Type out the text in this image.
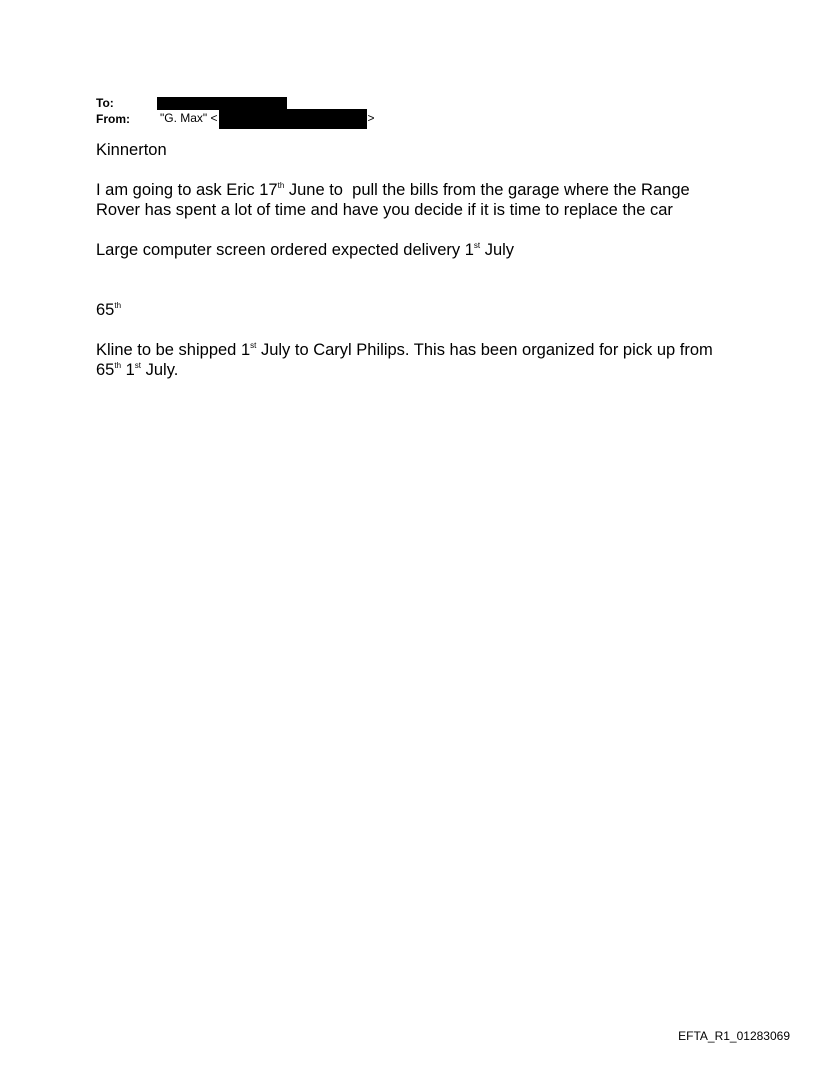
To:
From:	"G. Max" <	>

Kinnerton

I am going to ask Eric 17th June to  pull the bills from the garage where the Range Rover has spent a lot of time and have you decide if it is time to replace the car

Large computer screen ordered expected delivery 1st July

65th

Kline to be shipped 1st July to Caryl Philips. This has been organized for pick up from 65th 1st July.

EFTA_R1_01283069
